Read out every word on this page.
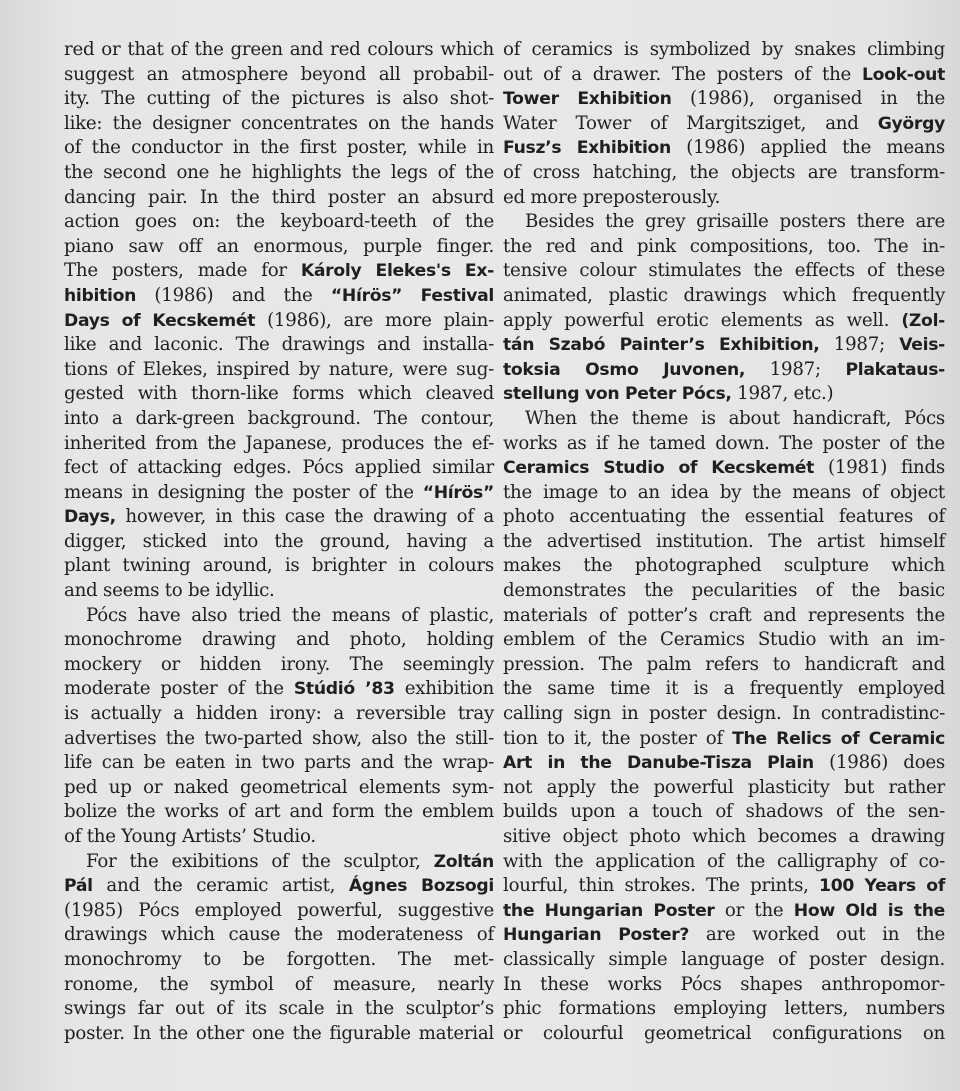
red or that of the green and red colours which
suggest an atmosphere beyond all probabil-
ity. The cutting of the pictures is also shot-
like: the designer concentrates on the hands
of the conductor in the first poster, while in
the second one he highlights the legs of the
dancing pair. In the third poster an absurd
action goes on: the keyboard-teeth of the
piano saw off an enormous, purple finger.
The posters, made for Károly Elekes's Ex-
hibition (1986) and the “Hírös” Festival
Days of Kecskemét (1986), are more plain-
like and laconic. The drawings and installa-
tions of Elekes, inspired by nature, were sug-
gested with thorn-like forms which cleaved
into a dark-green background. The contour,
inherited from the Japanese, produces the ef-
fect of attacking edges. Pócs applied similar
means in designing the poster of the “Hírös”
Days, however, in this case the drawing of a
digger, sticked into the ground, having a
plant twining around, is brighter in colours
and seems to be idyllic.
Pócs have also tried the means of plastic,
monochrome drawing and photo, holding
mockery or hidden irony. The seemingly
moderate poster of the Stúdió ’83 exhibition
is actually a hidden irony: a reversible tray
advertises the two-parted show, also the still-
life can be eaten in two parts and the wrap-
ped up or naked geometrical elements sym-
bolize the works of art and form the emblem
of the Young Artists’ Studio.
For the exibitions of the sculptor, Zoltán
Pál and the ceramic artist, Ágnes Bozsogi
(1985) Pócs employed powerful, suggestive
drawings which cause the moderateness of
monochromy to be forgotten. The met-
ronome, the symbol of measure, nearly
swings far out of its scale in the sculptor’s
poster. In the other one the figurable material
of ceramics is symbolized by snakes climbing
out of a drawer. The posters of the Look-out
Tower Exhibition (1986), organised in the
Water Tower of Margitsziget, and György
Fusz’s Exhibition (1986) applied the means
of cross hatching, the objects are transform-
ed more preposterously.
Besides the grey grisaille posters there are
the red and pink compositions, too. The in-
tensive colour stimulates the effects of these
animated, plastic drawings which frequently
apply powerful erotic elements as well. (Zol-
tán Szabó Painter’s Exhibition, 1987; Veis-
toksia Osmo Juvonen, 1987; Plakataus-
stellung von Peter Pócs, 1987, etc.)
When the theme is about handicraft, Pócs
works as if he tamed down. The poster of the
Ceramics Studio of Kecskemét (1981) finds
the image to an idea by the means of object
photo accentuating the essential features of
the advertised institution. The artist himself
makes the photographed sculpture which
demonstrates the pecularities of the basic
materials of potter’s craft and represents the
emblem of the Ceramics Studio with an im-
pression. The palm refers to handicraft and
the same time it is a frequently employed
calling sign in poster design. In contradistinc-
tion to it, the poster of The Relics of Ceramic
Art in the Danube-Tisza Plain (1986) does
not apply the powerful plasticity but rather
builds upon a touch of shadows of the sen-
sitive object photo which becomes a drawing
with the application of the calligraphy of co-
lourful, thin strokes. The prints, 100 Years of
the Hungarian Poster or the How Old is the
Hungarian Poster? are worked out in the
classically simple language of poster design.
In these works Pócs shapes anthropomor-
phic formations employing letters, numbers
or colourful geometrical configurations on
